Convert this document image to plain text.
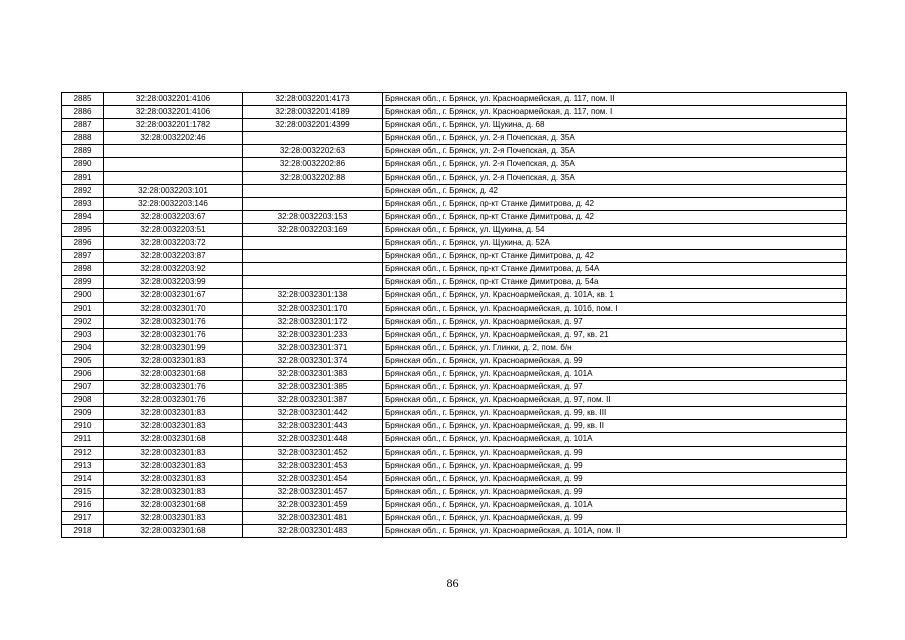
2885	32:28:0032201:4106	32:28:0032201:4173	Брянская обл., г. Брянск, ул. Красноармейская, д. 117, пом. II
2886	32:28:0032201:4106	32:28:0032201:4189	Брянская обл., г. Брянск, ул. Красноармейская, д. 117, пом. I
2887	32:28:0032201:1782	32:28:0032201:4399	Брянская обл., г. Брянск, ул. Щукина, д. 68
2888	32:28:0032202:46		Брянская обл., г. Брянск, ул. 2-я Почепская, д. 35А
2889		32:28:0032202:63	Брянская обл., г. Брянск, ул. 2-я Почепская, д. 35А
2890		32:28:0032202:86	Брянская обл., г. Брянск, ул. 2-я Почепская, д. 35А
2891		32:28:0032202:88	Брянская обл., г. Брянск, ул. 2-я Почепская, д. 35А
2892	32:28:0032203:101		Брянская обл., г. Брянск, д. 42
2893	32:28:0032203:146		Брянская обл., г. Брянск, пр-кт Станке Димитрова, д. 42
2894	32:28:0032203:67	32:28:0032203:153	Брянская обл., г. Брянск, пр-кт Станке Димитрова, д. 42
2895	32:28:0032203:51	32:28:0032203:169	Брянская обл., г. Брянск, ул. Щукина, д. 54
2896	32:28:0032203:72		Брянская обл., г. Брянск, ул. Щукина, д. 52А
2897	32:28:0032203:87		Брянская обл., г. Брянск, пр-кт Станке Димитрова, д. 42
2898	32:28:0032203:92		Брянская обл., г. Брянск, пр-кт Станке Димитрова, д. 54А
2899	32:28:0032203:99		Брянская обл., г. Брянск, пр-кт Станке Димитрова, д. 54а
2900	32:28:0032301:67	32:28:0032301:138	Брянская обл., г. Брянск, ул. Красноармейская, д. 101А, кв. 1
2901	32:28:0032301:70	32:28:0032301:170	Брянская обл., г. Брянск, ул. Красноармейская, д. 101б, пом. I
2902	32:28:0032301:76	32:28:0032301:172	Брянская обл., г. Брянск, ул. Красноармейская, д. 97
2903	32:28:0032301:76	32:28:0032301:233	Брянская обл., г. Брянск, ул. Красноармейская, д. 97, кв. 21
2904	32:28:0032301:99	32:28:0032301:371	Брянская обл., г. Брянск, ул. Глинки, д. 2, пом. б/н
2905	32:28:0032301:83	32:28:0032301:374	Брянская обл., г. Брянск, ул. Красноармейская, д. 99
2906	32:28:0032301:68	32:28:0032301:383	Брянская обл., г. Брянск, ул. Красноармейская, д. 101А
2907	32:28:0032301:76	32:28:0032301:385	Брянская обл., г. Брянск, ул. Красноармейская, д. 97
2908	32:28:0032301:76	32:28:0032301:387	Брянская обл., г. Брянск, ул. Красноармейская, д. 97, пом. II
2909	32:28:0032301:83	32:28:0032301:442	Брянская обл., г. Брянск, ул. Красноармейская, д. 99, кв. III
2910	32:28:0032301:83	32:28:0032301:443	Брянская обл., г. Брянск, ул. Красноармейская, д. 99, кв. II
2911	32:28:0032301:68	32:28:0032301:448	Брянская обл., г. Брянск, ул. Красноармейская, д. 101А
2912	32:28:0032301:83	32:28:0032301:452	Брянская обл., г. Брянск, ул. Красноармейская, д. 99
2913	32:28:0032301:83	32:28:0032301:453	Брянская обл., г. Брянск, ул. Красноармейская, д. 99
2914	32:28:0032301:83	32:28:0032301:454	Брянская обл., г. Брянск, ул. Красноармейская, д. 99
2915	32:28:0032301:83	32:28:0032301:457	Брянская обл., г. Брянск, ул. Красноармейская, д. 99
2916	32:28:0032301:68	32:28:0032301:459	Брянская обл., г. Брянск, ул. Красноармейская, д. 101А
2917	32:28:0032301:83	32:28:0032301:481	Брянская обл., г. Брянск, ул. Красноармейская, д. 99
2918	32:28:0032301:68	32:28:0032301:483	Брянская обл., г. Брянск, ул. Красноармейская, д. 101А, пом. II
86
